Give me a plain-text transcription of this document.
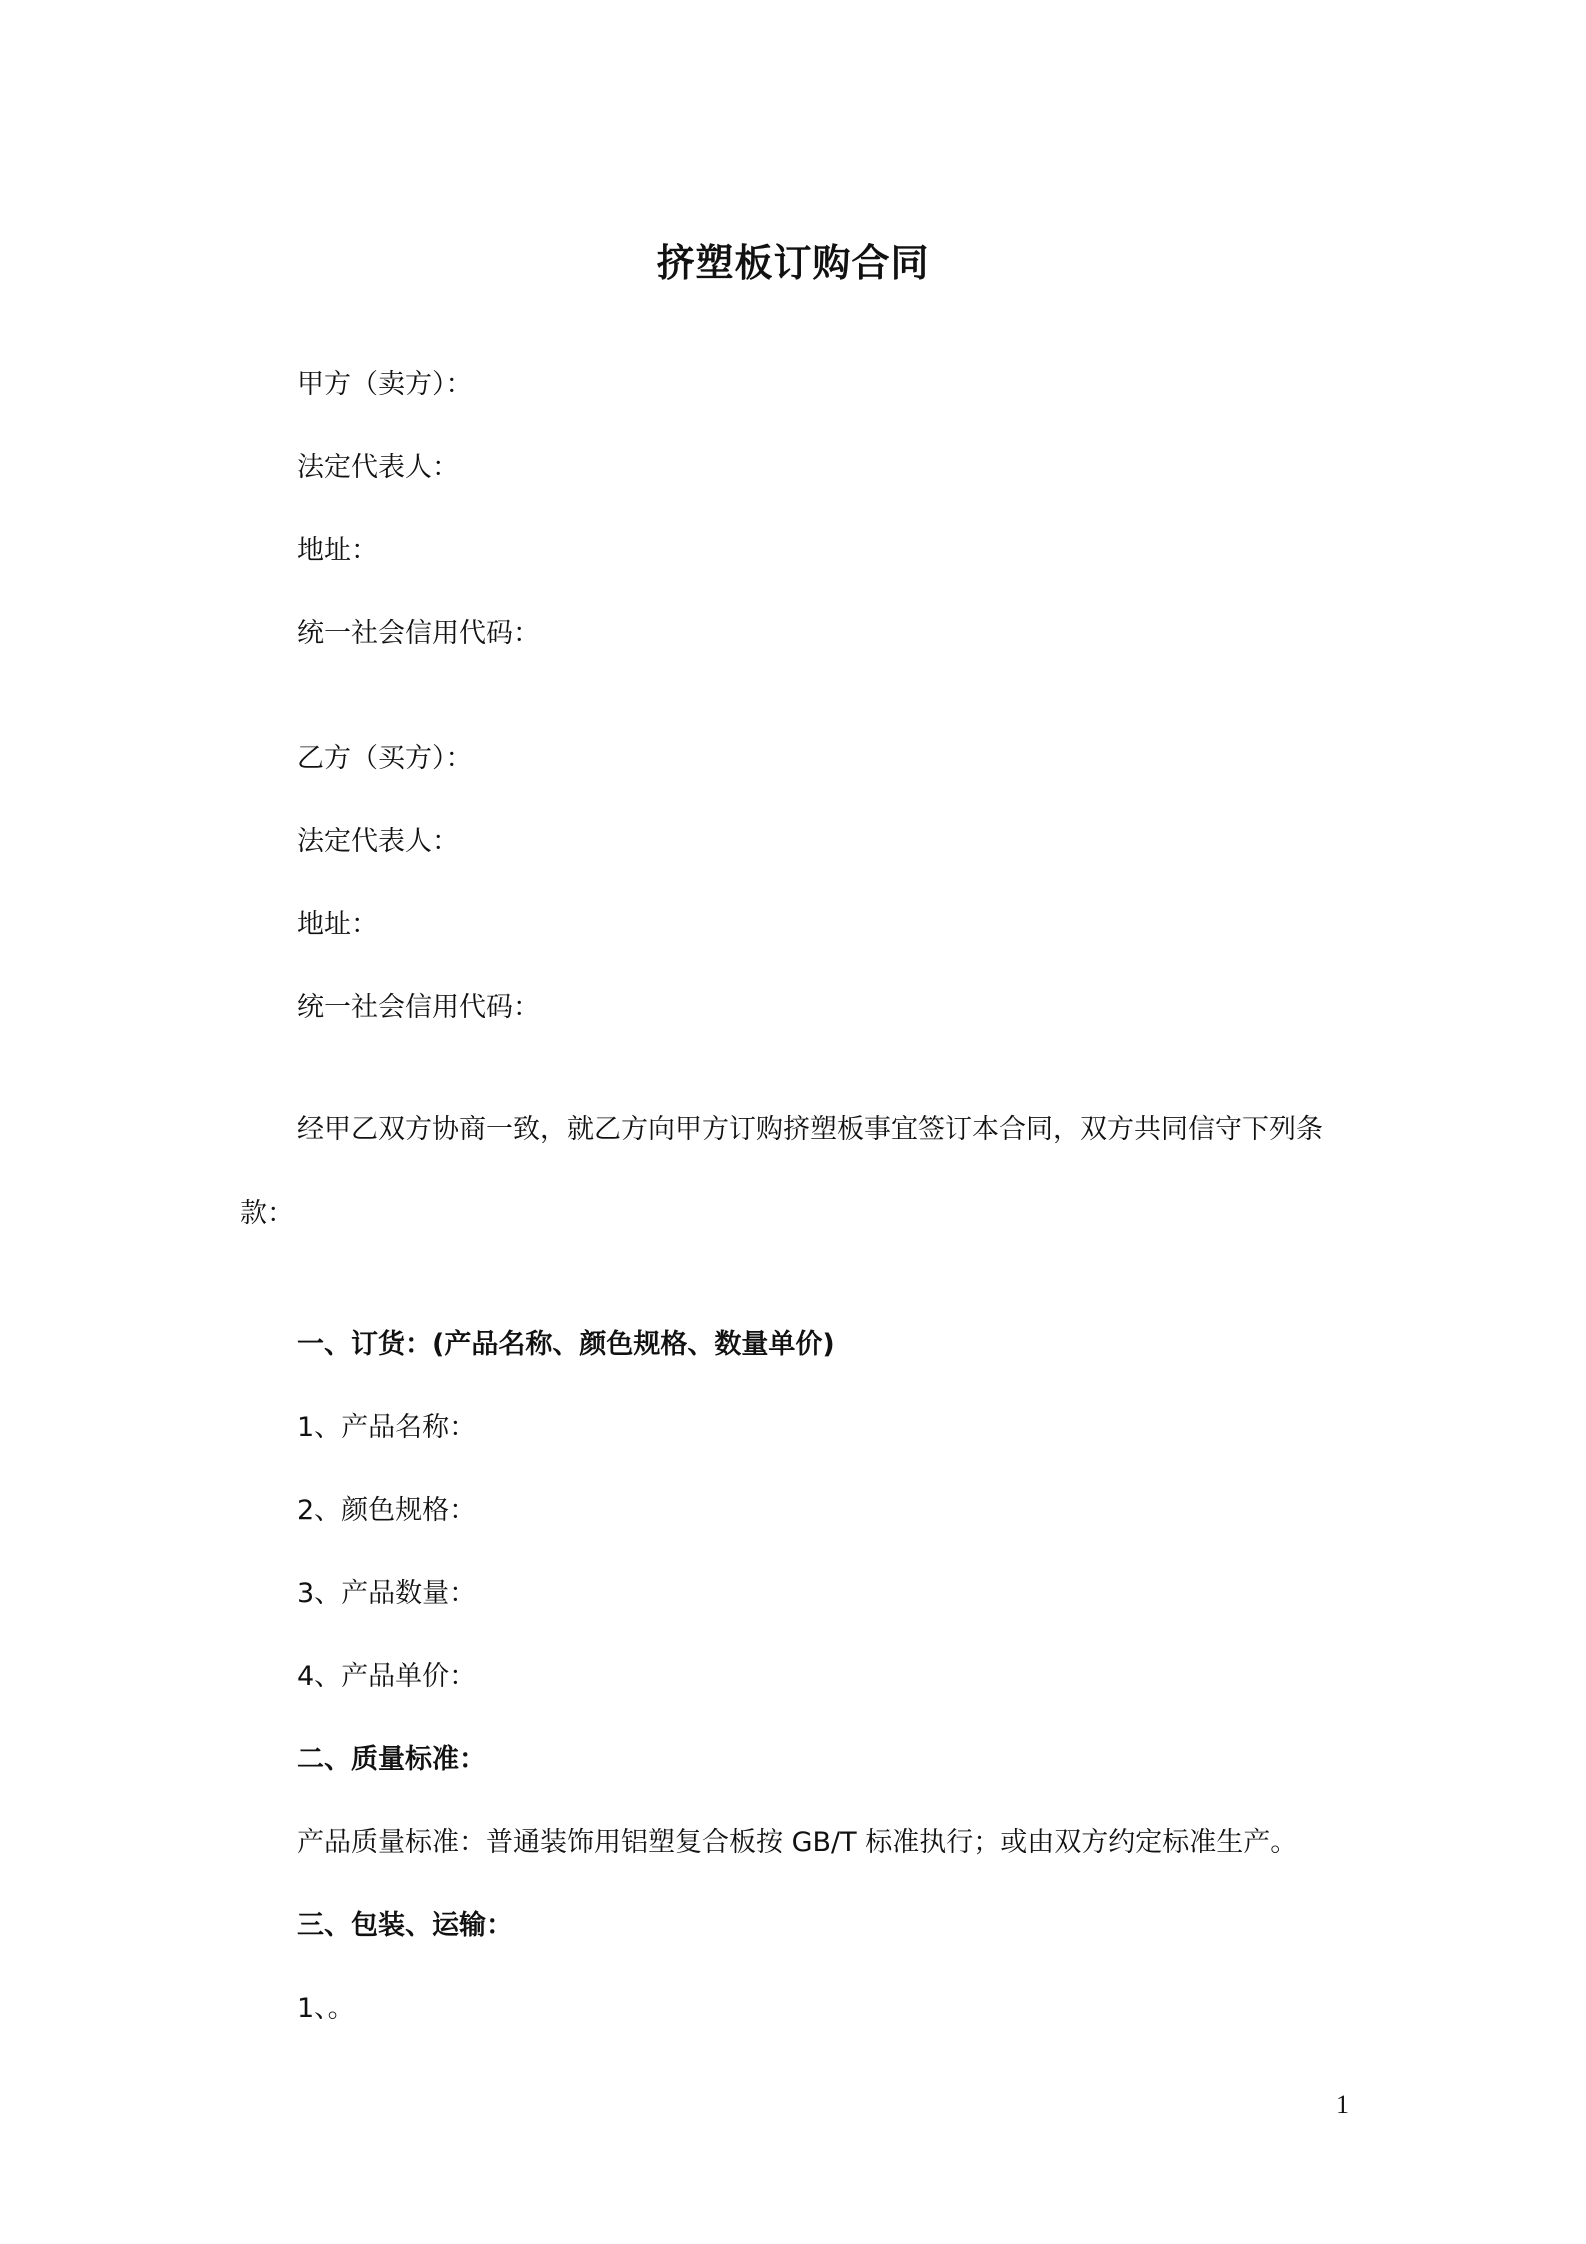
挤塑板订购合同
甲方（卖方）：
法定代表人：
地址：
统一社会信用代码：
乙方（买方）：
法定代表人：
地址：
统一社会信用代码：
经甲乙双方协商一致，就乙方向甲方订购挤塑板事宜签订本合同，双方共同信守下列条款：
一、订货：(产品名称、颜色规格、数量单价)
1、产品名称：
2、颜色规格：
3、产品数量：
4、产品单价：
二、质量标准：
产品质量标准：普通装饰用铝塑复合板按 GB/T 标准执行；或由双方约定标准生产。
三、包装、运输：
1、。
1
